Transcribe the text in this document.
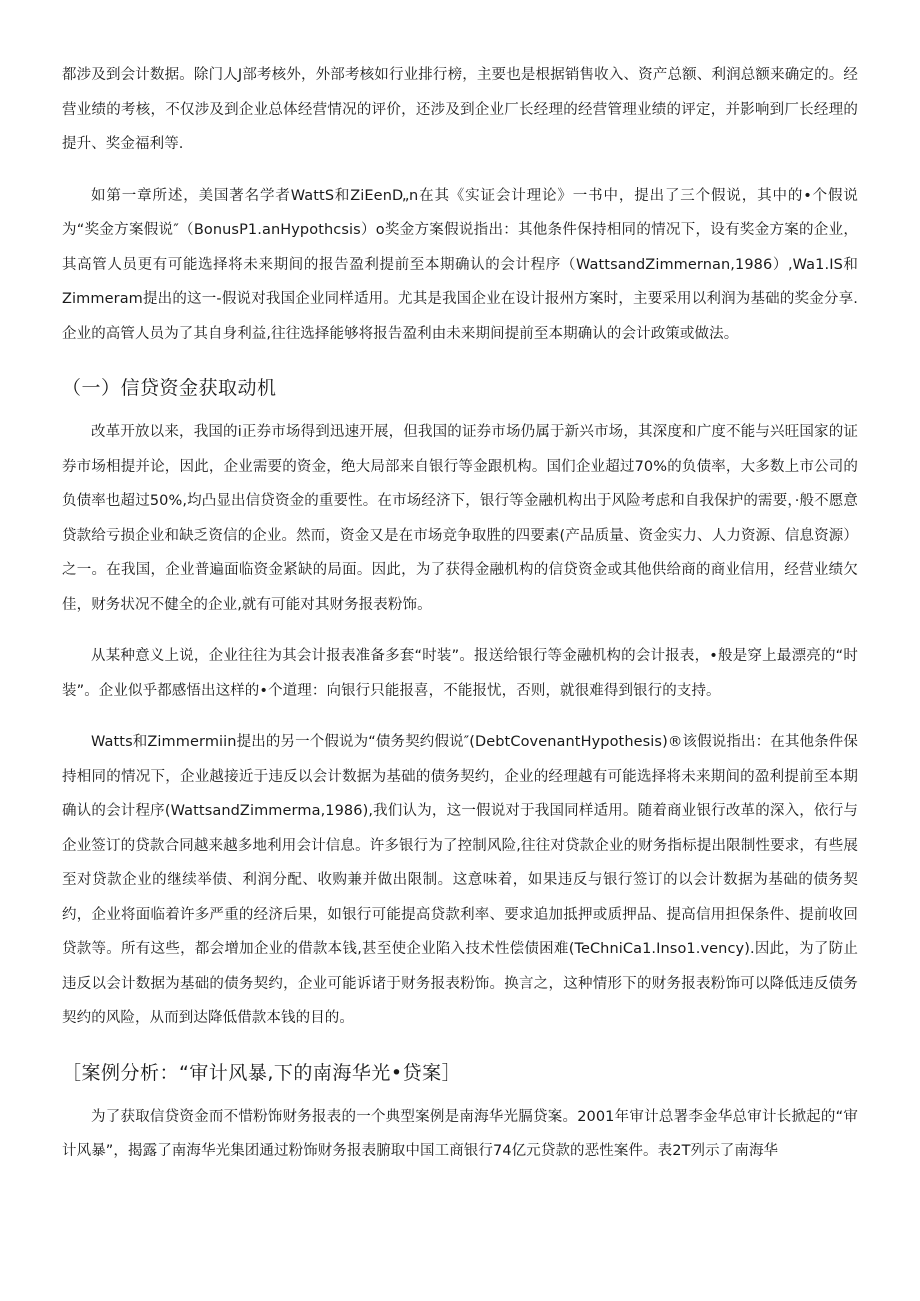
都涉及到会计数据。除门人J部考核外，外部考核如行业排行榜，主要也是根据销售收入、资产总额、利润总额来确定的。经营业绩的考核，不仅涉及到企业总体经营情况的评价，还涉及到企业厂长经理的经营管理业绩的评定，并影响到厂长经理的提升、奖金福利等.

如第一章所述，美国著名学者WattS和ZiEenD„n在其《实证会计理论》一书中，提出了三个假说，其中的•个假说为“奖金方案假说″（BonusP1.anHypothcsis）o奖金方案假说指出：其他条件保持相同的情况下，设有奖金方案的企业，其高管人员更有可能选择将未来期间的报告盈利提前至本期确认的会计程序（WattsandZimmernan,1986）,Wa1.IS和Zimmeram提出的这一-假说对我国企业同样适用。尤其是我国企业在设计报州方案时，主要采用以利润为基础的奖金分享.企业的高管人员为了其自身利益,往往选择能够将报告盈利由未来期间提前至本期确认的会计政策或做法。

（一）信贷资金获取动机

改革开放以来，我国的i正券市场得到迅速开展，但我国的证券市场仍属于新兴市场，其深度和广度不能与兴旺国家的证券市场相提并论，因此，企业需要的资金，绝大局部来自银行等金跟机构。国们企业超过70%的负债率，大多数上市公司的负债率也超过50%,均凸显出信贷资金的重要性。在市场经济下，银行等金融机构出于风险考虑和自我保护的需要，·般不愿意贷款给亏损企业和缺乏资信的企业。然而，资金又是在市场竞争取胜的四要素(产品质量、资金实力、人力资源、信息资源）之一。在我国，企业普遍面临资金紧缺的局面。因此，为了获得金融机构的信贷资金或其他供给商的商业信用，经营业绩欠佳，财务状况不健全的企业,就有可能对其财务报表粉饰。

从某种意义上说，企业往往为其会计报表准备多套“时装”。报送给银行等金融机构的会计报表，•般是穿上最漂亮的“时装”。企业似乎都感悟出这样的•个道理：向银行只能报喜，不能报忧，否则，就很难得到银行的支持。

Watts和Zimmermiin提出的另一个假说为“债务契约假说″(DebtCovenantHypothesis)®该假说指出：在其他条件保持相同的情况下，企业越接近于违反以会计数据为基础的债务契约，企业的经理越有可能选择将未来期间的盈利提前至本期确认的会计程序(WattsandZimmerma,1986),我们认为，这一假说对于我国同样适用。随着商业银行改革的深入，依行与企业签订的贷款合同越来越多地利用会计信息。许多银行为了控制风险,往往对贷款企业的财务指标提出限制性要求，有些展至对贷款企业的继续举债、利润分配、收购兼并做出限制。这意味着，如果违反与银行签订的以会计数据为基础的债务契约，企业将面临着许多严重的经济后果，如银行可能提高贷款利率、要求追加抵押或质押品、提高信用担保条件、提前收回贷款等。所有这些，都会增加企业的借款本钱,甚至使企业陷入技术性偿债困难(TeChniCa1.Inso1.vency).因此，为了防止违反以会计数据为基础的债务契约，企业可能诉诸于财务报表粉饰。换言之，这种情形下的财务报表粉饰可以降低违反债务契约的风险，从而到达降低借款本钱的目的。

［案例分析：“审计风暴,下的南海华光•贷案］

为了获取信贷资金而不惜粉饰财务报表的一个典型案例是南海华光膈贷案。2001年审计总署李金华总审计长掀起的“审计风暴”，揭露了南海华光集团通过粉饰财务报表腑取中国工商银行74亿元贷款的恶性案件。表2T列示了南海华
